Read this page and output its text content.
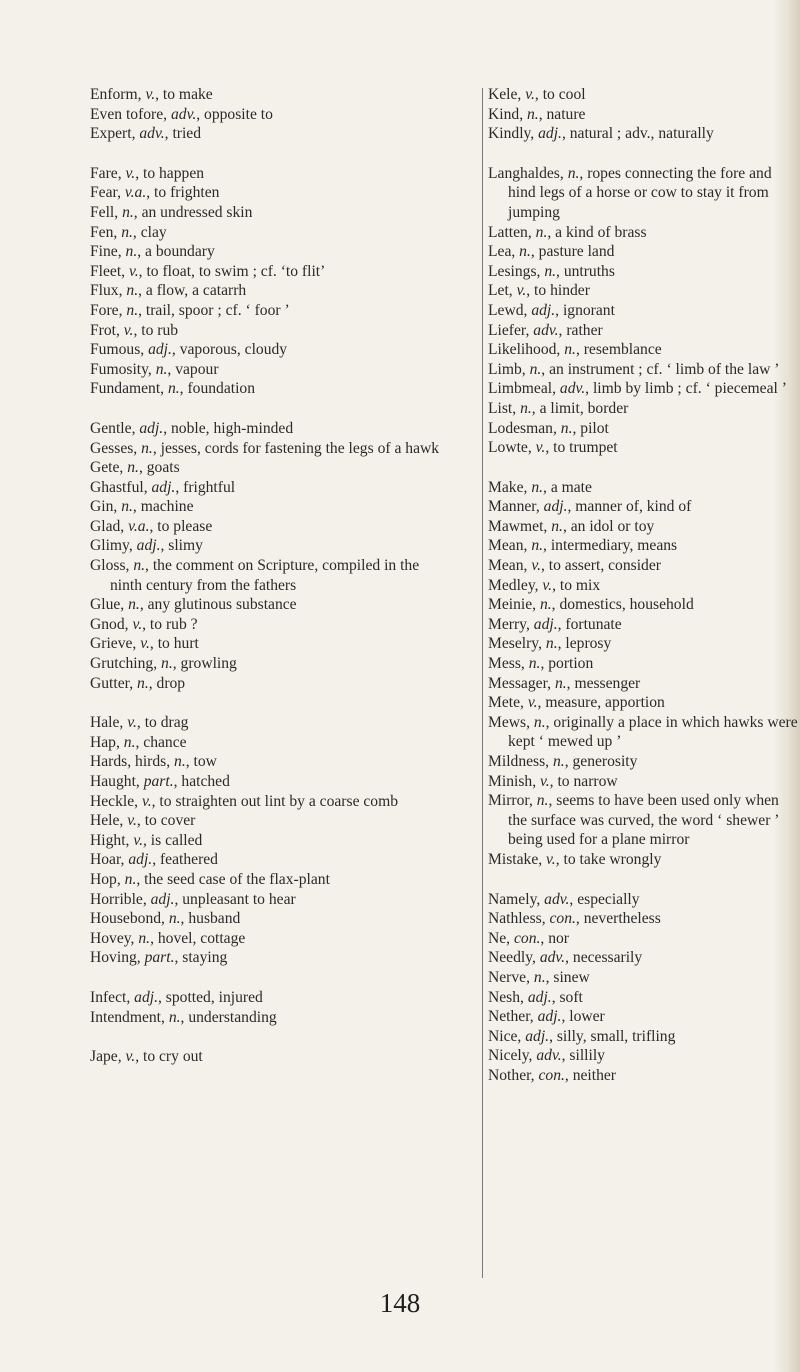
Enform, v., to make
Even tofore, adv., opposite to
Expert, adv., tried
Fare, v., to happen
Fear, v.a., to frighten
Fell, n., an undressed skin
Fen, n., clay
Fine, n., a boundary
Fleet, v., to float, to swim ; cf. ‘to flit’
Flux, n., a flow, a catarrh
Fore, n., trail, spoor ; cf. ‘ foor ’
Frot, v., to rub
Fumous, adj., vaporous, cloudy
Fumosity, n., vapour
Fundament, n., foundation
Gentle, adj., noble, high-minded
Gesses, n., jesses, cords for fastening the legs of a hawk
Gete, n., goats
Ghastful, adj., frightful
Gin, n., machine
Glad, v.a., to please
Glimy, adj., slimy
Gloss, n., the comment on Scripture, compiled in the ninth century from the fathers
Glue, n., any glutinous substance
Gnod, v., to rub ?
Grieve, v., to hurt
Grutching, n., growling
Gutter, n., drop
Hale, v., to drag
Hap, n., chance
Hards, hirds, n., tow
Haught, part., hatched
Heckle, v., to straighten out lint by a coarse comb
Hele, v., to cover
Hight, v., is called
Hoar, adj., feathered
Hop, n., the seed case of the flax-plant
Horrible, adj., unpleasant to hear
Housebond, n., husband
Hovey, n., hovel, cottage
Hoving, part., staying
Infect, adj., spotted, injured
Intendment, n., understanding
Jape, v., to cry out
Kele, v., to cool
Kind, n., nature
Kindly, adj., natural ; adv., naturally
Langhaldes, n., ropes connecting the fore and hind legs of a horse or cow to stay it from jumping
Latten, n., a kind of brass
Lea, n., pasture land
Lesings, n., untruths
Let, v., to hinder
Lewd, adj., ignorant
Liefer, adv., rather
Likelihood, n., resemblance
Limb, n., an instrument ; cf. ‘ limb of the law ’
Limbmeal, adv., limb by limb ; cf. ‘ piecemeal ’
List, n., a limit, border
Lodesman, n., pilot
Lowte, v., to trumpet
Make, n., a mate
Manner, adj., manner of, kind of
Mawmet, n., an idol or toy
Mean, n., intermediary, means
Mean, v., to assert, consider
Medley, v., to mix
Meinie, n., domestics, household
Merry, adj., fortunate
Meselry, n., leprosy
Mess, n., portion
Messager, n., messenger
Mete, v., measure, apportion
Mews, n., originally a place in which hawks were kept ‘ mewed up ’
Mildness, n., generosity
Minish, v., to narrow
Mirror, n., seems to have been used only when the surface was curved, the word ‘ shewer ’ being used for a plane mirror
Mistake, v., to take wrongly
Namely, adv., especially
Nathless, con., nevertheless
Ne, con., nor
Needly, adv., necessarily
Nerve, n., sinew
Nesh, adj., soft
Nether, adj., lower
Nice, adj., silly, small, trifling
Nicely, adv., sillily
Nother, con., neither
148
